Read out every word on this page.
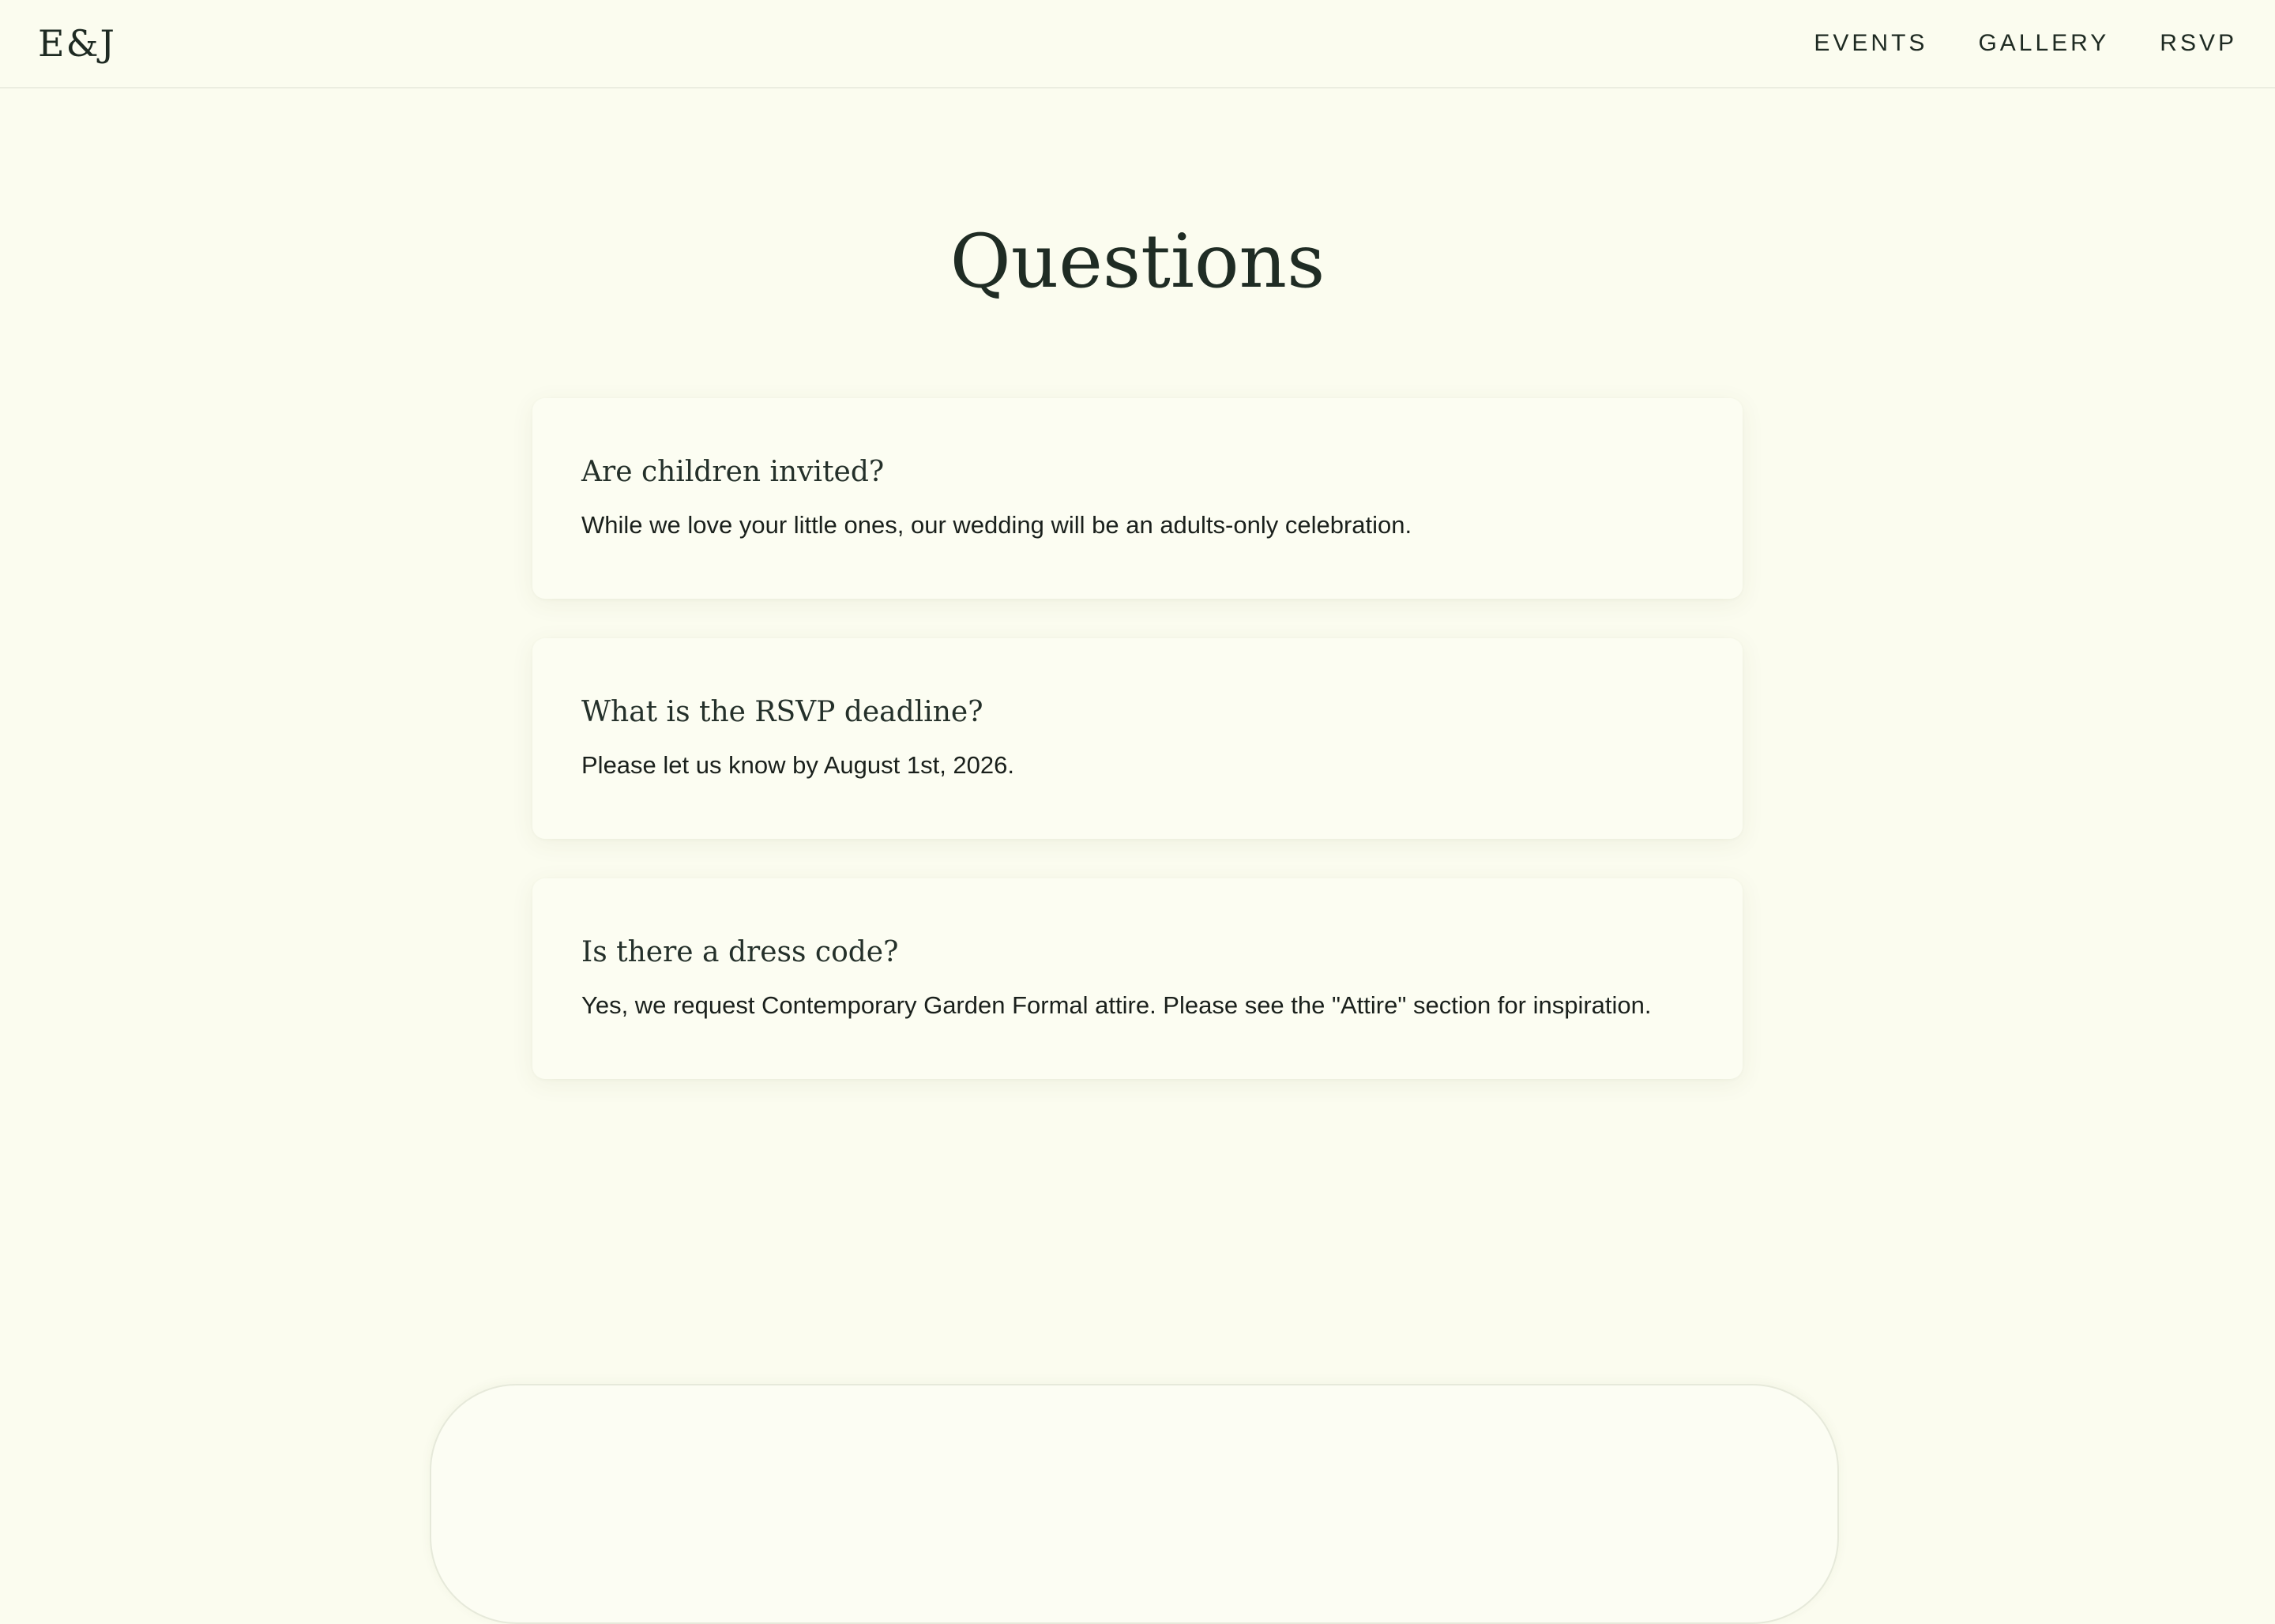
E&J	EVENTS GALLERY RSVP
Questions
Are children invited?

While we love your little ones, our wedding will be an adults-only celebration.

What is the RSVP deadline?

Please let us know by August 1st, 2026.

Is there a dress code?

Yes, we request Contemporary Garden Formal attire. Please see the "Attire" section for inspiration.
